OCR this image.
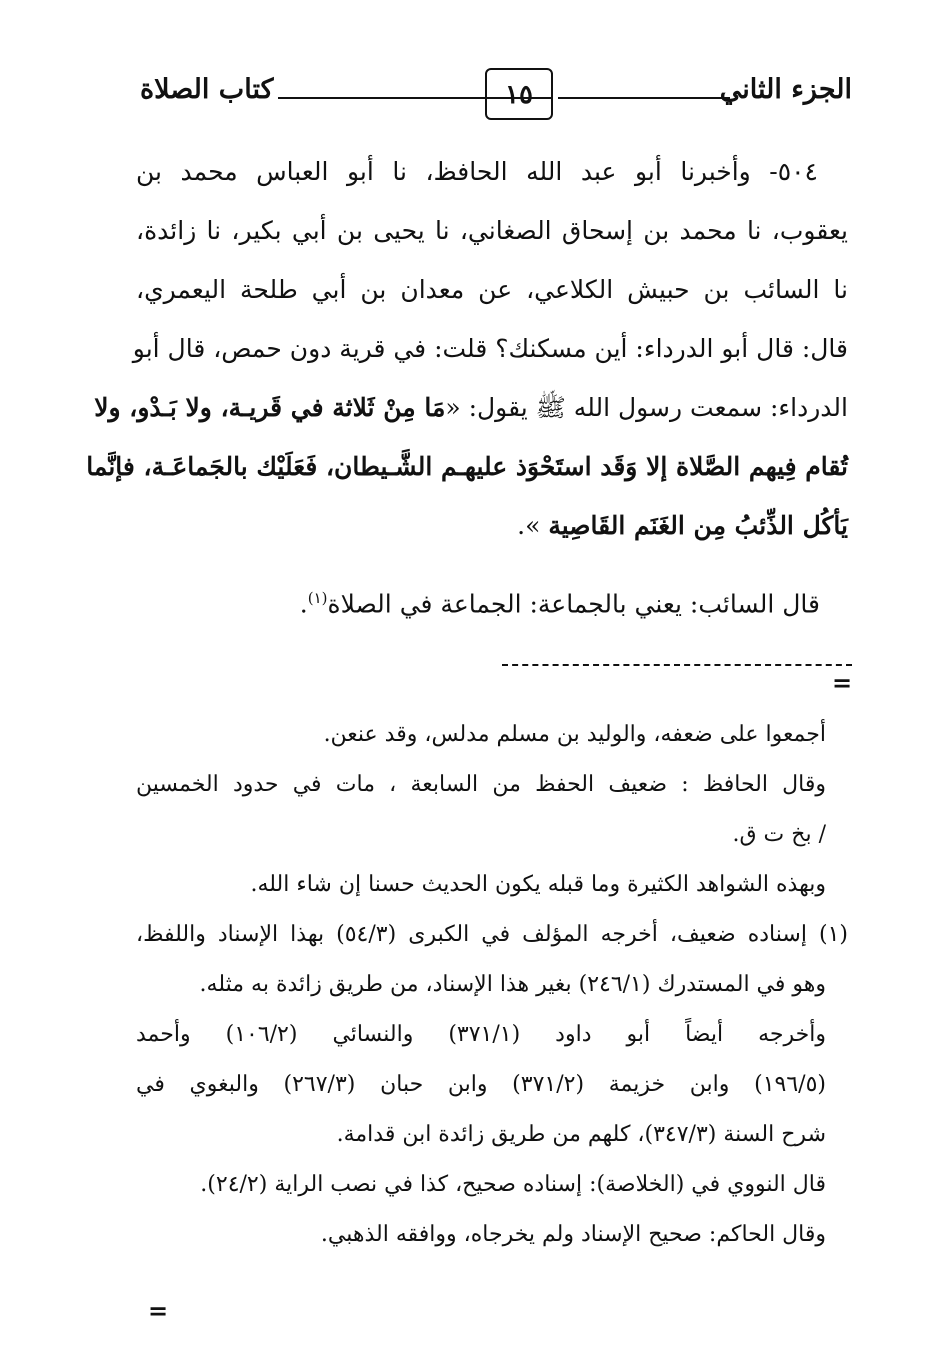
الجزء الثاني
١٥
كتاب الصلاة
٥٠٤- وأخبرنا أبو عبد الله الحافظ، نا أبو العباس محمد بن
يعقوب، نا محمد بن إسحاق الصغاني، نا يحيى بن أبي بكير، نا زائدة،
نا السائب بن حبيش الكلاعي، عن معدان بن أبي طلحة اليعمري،
قال: قال أبو الدرداء: أين مسكنك؟ قلت: في قرية دون حمص، قال أبو
الدرداء: سمعت رسول الله ﷺ يقول: «مَا مِنْ ثَلاثة في قَريـة، ولا بَـدْو، ولا
تُقام فِيهم الصَّلاة إلا وَقَد استَحْوَذ عليهـم الشَّـيطان، فَعَلَيْك بالجَماعَـة، فإنَّما
يَأكُل الذِّئبُ مِن الغَنَم القَاصِية ».
قال السائب: يعني بالجماعة: الجماعة في الصلاة$^{(١)}$.
=
أجمعوا على ضعفه، والوليد بن مسلم مدلس، وقد عنعن.
وقال الحافظ : ضعيف الحفظ من السابعة ، مات في حدود الخمسين
/ بخ ت ق.
وبهذه الشواهد الكثيرة وما قبله يكون الحديث حسنا إن شاء الله.
(١) إسناده ضعيف، أخرجه المؤلف في الكبرى (٥٤/٣) بهذا الإسناد واللفظ،
وهو في المستدرك (٢٤٦/١) بغير هذا الإسناد، من طريق زائدة به مثله.
وأخرجه أيضاً أبو داود (٣٧١/١) والنسائي (١٠٦/٢) وأحمد
(١٩٦/٥) وابن خزيمة (٣٧١/٢) وابن حبان (٢٦٧/٣) والبغوي في
شرح السنة (٣٤٧/٣)، كلهم من طريق زائدة ابن قدامة.
قال النووي في (الخلاصة): إسناده صحيح، كذا في نصب الراية (٢٤/٢).
وقال الحاكم: صحيح الإسناد ولم يخرجاه، ووافقه الذهبي.
=
